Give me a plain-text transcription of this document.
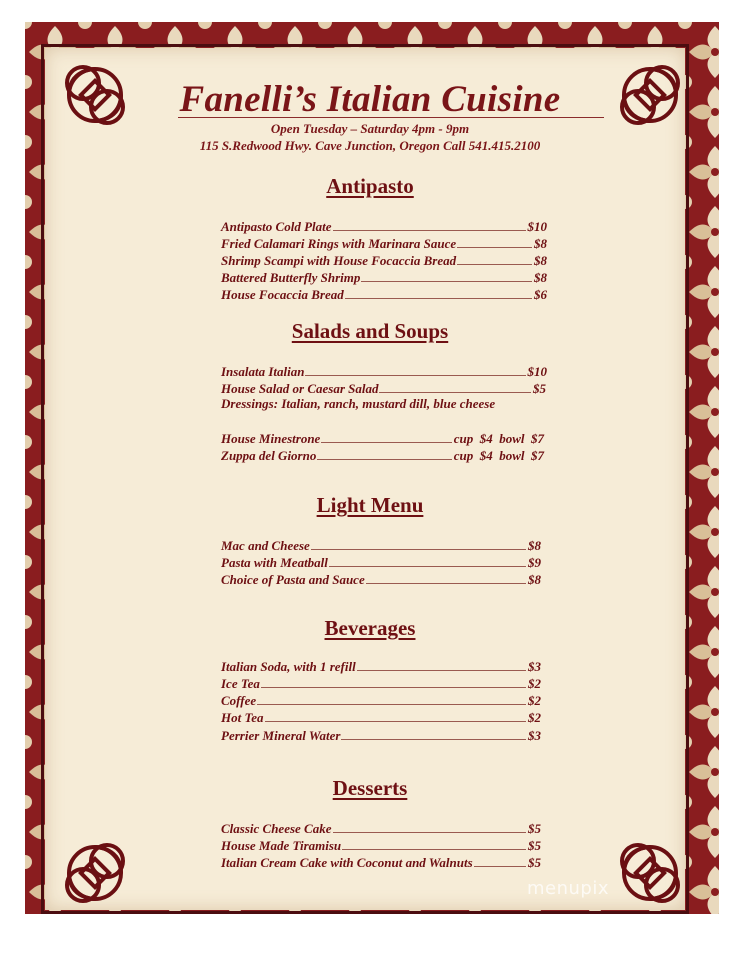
Fanelli’s Italian Cuisine
Open Tuesday – Saturday 4pm - 9pm
115 S.Redwood Hwy. Cave Junction, Oregon Call 541.415.2100
Antipasto
Antipasto Cold Plate	$10
Fried Calamari Rings with Marinara Sauce	$8
Shrimp Scampi with House Focaccia Bread	$8
Battered Butterfly Shrimp	$8
House Focaccia Bread	$6
Salads and Soups
Insalata Italian	$10
House Salad or Caesar Salad	$5
Dressings: Italian, ranch, mustard dill, blue cheese
House Minestrone	cup  $4  bowl  $7
Zuppa del Giorno	cup  $4  bowl  $7
Light Menu
Mac and Cheese	$8
Pasta with Meatball	$9
Choice of Pasta and Sauce	$8
Beverages
Italian Soda, with 1 refill	$3
Ice Tea	$2
Coffee	$2
Hot Tea	$2
Perrier Mineral Water	$3
Desserts
Classic Cheese Cake	$5
House Made Tiramisu	$5
Italian Cream Cake with Coconut and Walnuts	$5
menupix
